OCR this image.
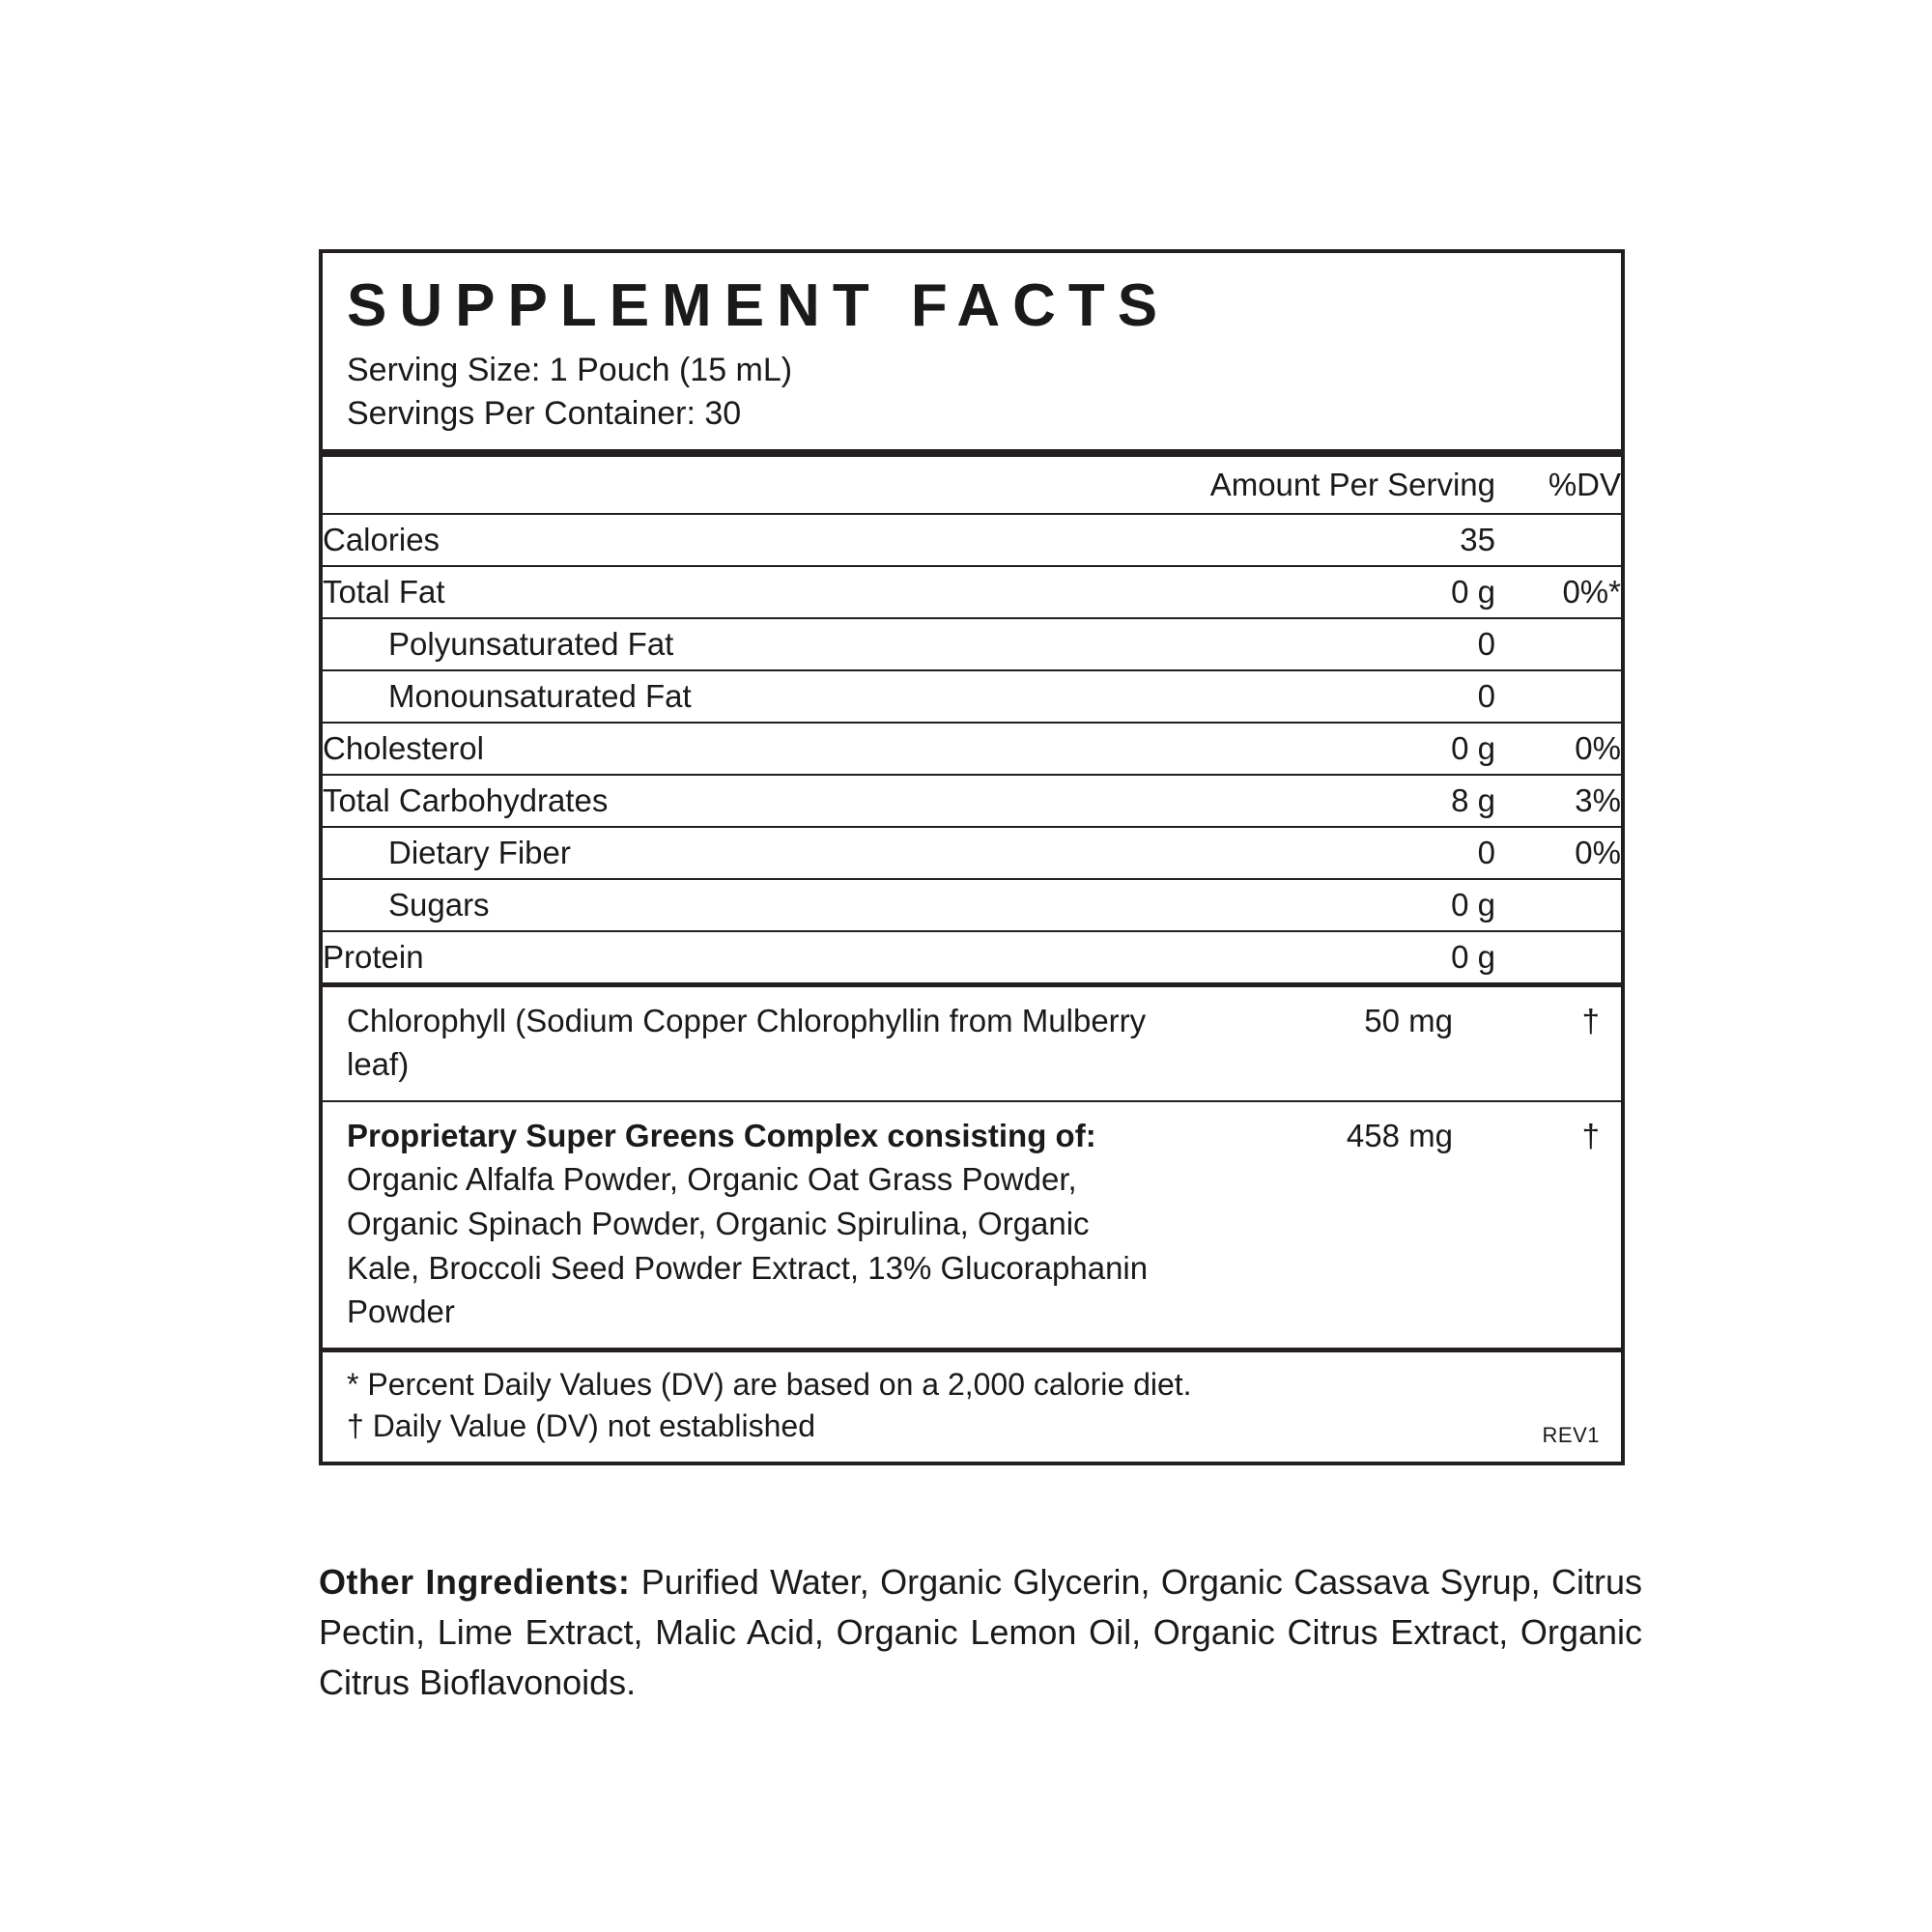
SUPPLEMENT FACTS
Serving Size: 1 Pouch (15 mL)
Servings Per Container: 30
	Amount Per Serving	%DV
Calories	35	
Total Fat	0 g	0%*
Polyunsaturated Fat	0	
Monounsaturated Fat	0	
Cholesterol	0 g	0%
Total Carbohydrates	8 g	3%
Dietary Fiber	0	0%
Sugars	0 g	
Protein	0 g	
Chlorophyll (Sodium Copper Chlorophyllin from Mulberry leaf)
50 mg	†
Proprietary Super Greens Complex consisting of: Organic Alfalfa Powder, Organic Oat Grass Powder, Organic Spinach Powder, Organic Spirulina, Organic Kale, Broccoli Seed Powder Extract, 13% Glucoraphanin Powder
458 mg	†
* Percent Daily Values (DV) are based on a 2,000 calorie diet.
† Daily Value (DV) not established	REV1
Other Ingredients: Purified Water, Organic Glycerin, Organic Cassava Syrup, Citrus Pectin, Lime Extract, Malic Acid, Organic Lemon Oil, Organic Citrus Extract, Organic Citrus Bioflavonoids.
